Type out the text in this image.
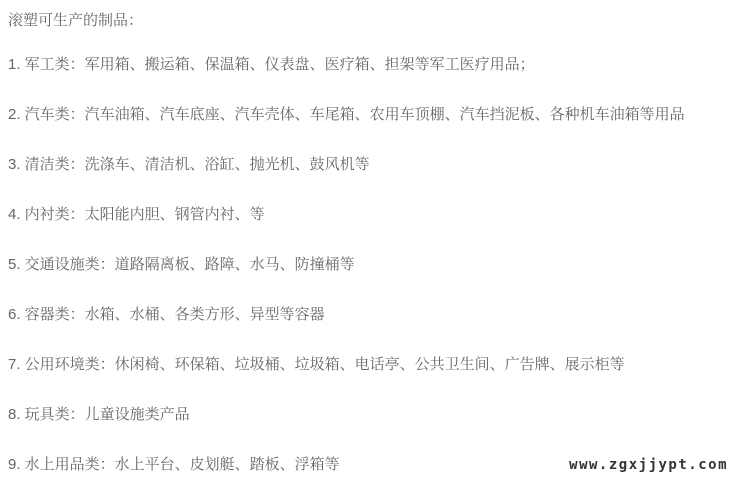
滚塑可生产的制品：

1. 军工类：军用箱、搬运箱、保温箱、仪表盘、医疗箱、担架等军工医疗用品；

2. 汽车类：汽车油箱、汽车底座、汽车壳体、车尾箱、农用车顶棚、汽车挡泥板、各种机车油箱等用品

3. 清洁类：洗涤车、清洁机、浴缸、抛光机、鼓风机等

4. 内衬类：太阳能内胆、钢管内衬、等

5. 交通设施类：道路隔离板、路障、水马、防撞桶等

6. 容器类：水箱、水桶、各类方形、异型等容器

7. 公用环境类：休闲椅、环保箱、垃圾桶、垃圾箱、电话亭、公共卫生间、广告牌、展示柜等

8. 玩具类：儿童设施类产品

9. 水上用品类：水上平台、皮划艇、踏板、浮箱等	www.zgxjjypt.com
